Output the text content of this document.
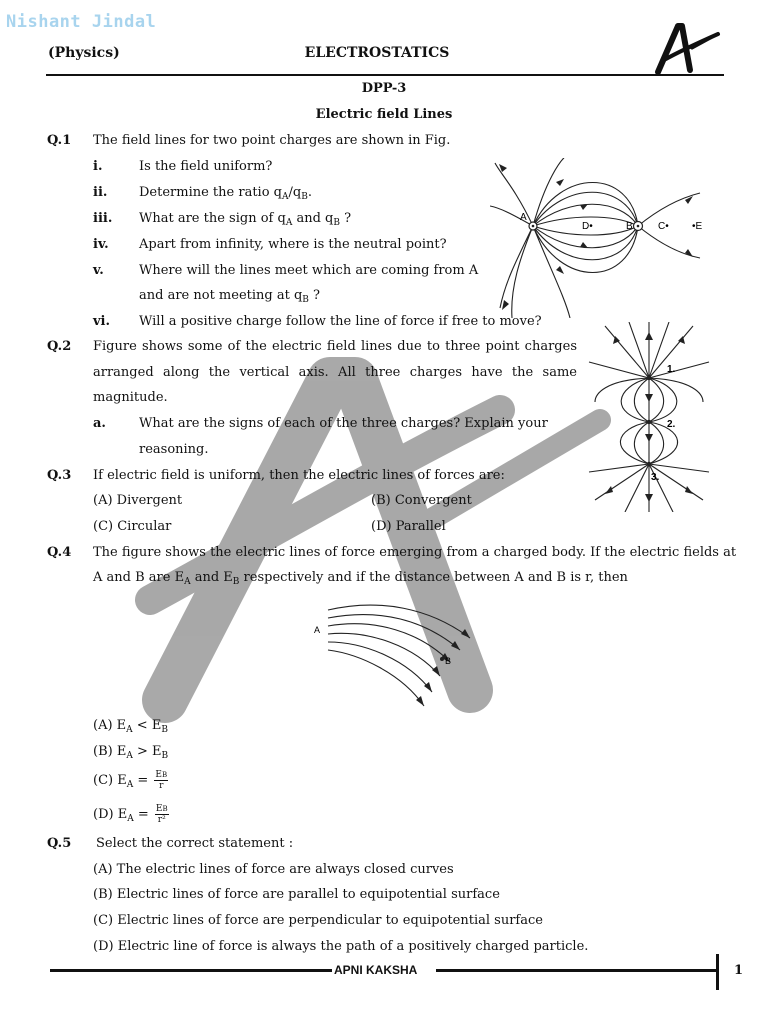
Nishant Jindal
(Physics)	ELECTROSTATICS
DPP-3
Electric field Lines
Q.1 The field lines for two point charges are shown in Fig.
i.	Is the field uniform?
ii. Determine the ratio $q_A/q_B$.
iii. What are the sign of $q_A$ and $q_B$ ?
iv. Apart from infinity, where is the neutral point?
v.	Where will the lines meet which are coming from A
and are not meeting at $q_B$ ?
vi. Will a positive charge follow the line of force if free to move?
A
D•	B	C• •E
Q.2 Figure shows some of the electric field lines due to three point charges
arranged along the vertical axis. All three charges have the same
magnitude.
a.	What are the signs of each of the three charges? Explain your
reasoning.
1.
2.
3.
Q.3 If electric field is uniform, then the electric lines of forces are:
(A) Divergent	(B) Convergent
(C) Circular	(D) Parallel
Q.4 The figure shows the electric lines of force emerging from a charged body. If the electric fields at
A and B are $E_A$ and $E_B$ respectively and if the distance between A and B is r, then
A
B
(A) $E_A < E_B$
(B) $E_A > E_B$
(C) $E_A = \frac{EB}{r}$
(D) $E_A = \frac{EB}{\text{r²}}$
Q.5 Select the correct statement :
(A) The electric lines of force are always closed curves
(B) Electric lines of force are parallel to equipotential surface
(C) Electric lines of force are perpendicular to equipotential surface
(D) Electric line of force is always the path of a positively charged particle.
APNI KAKSHA	1
